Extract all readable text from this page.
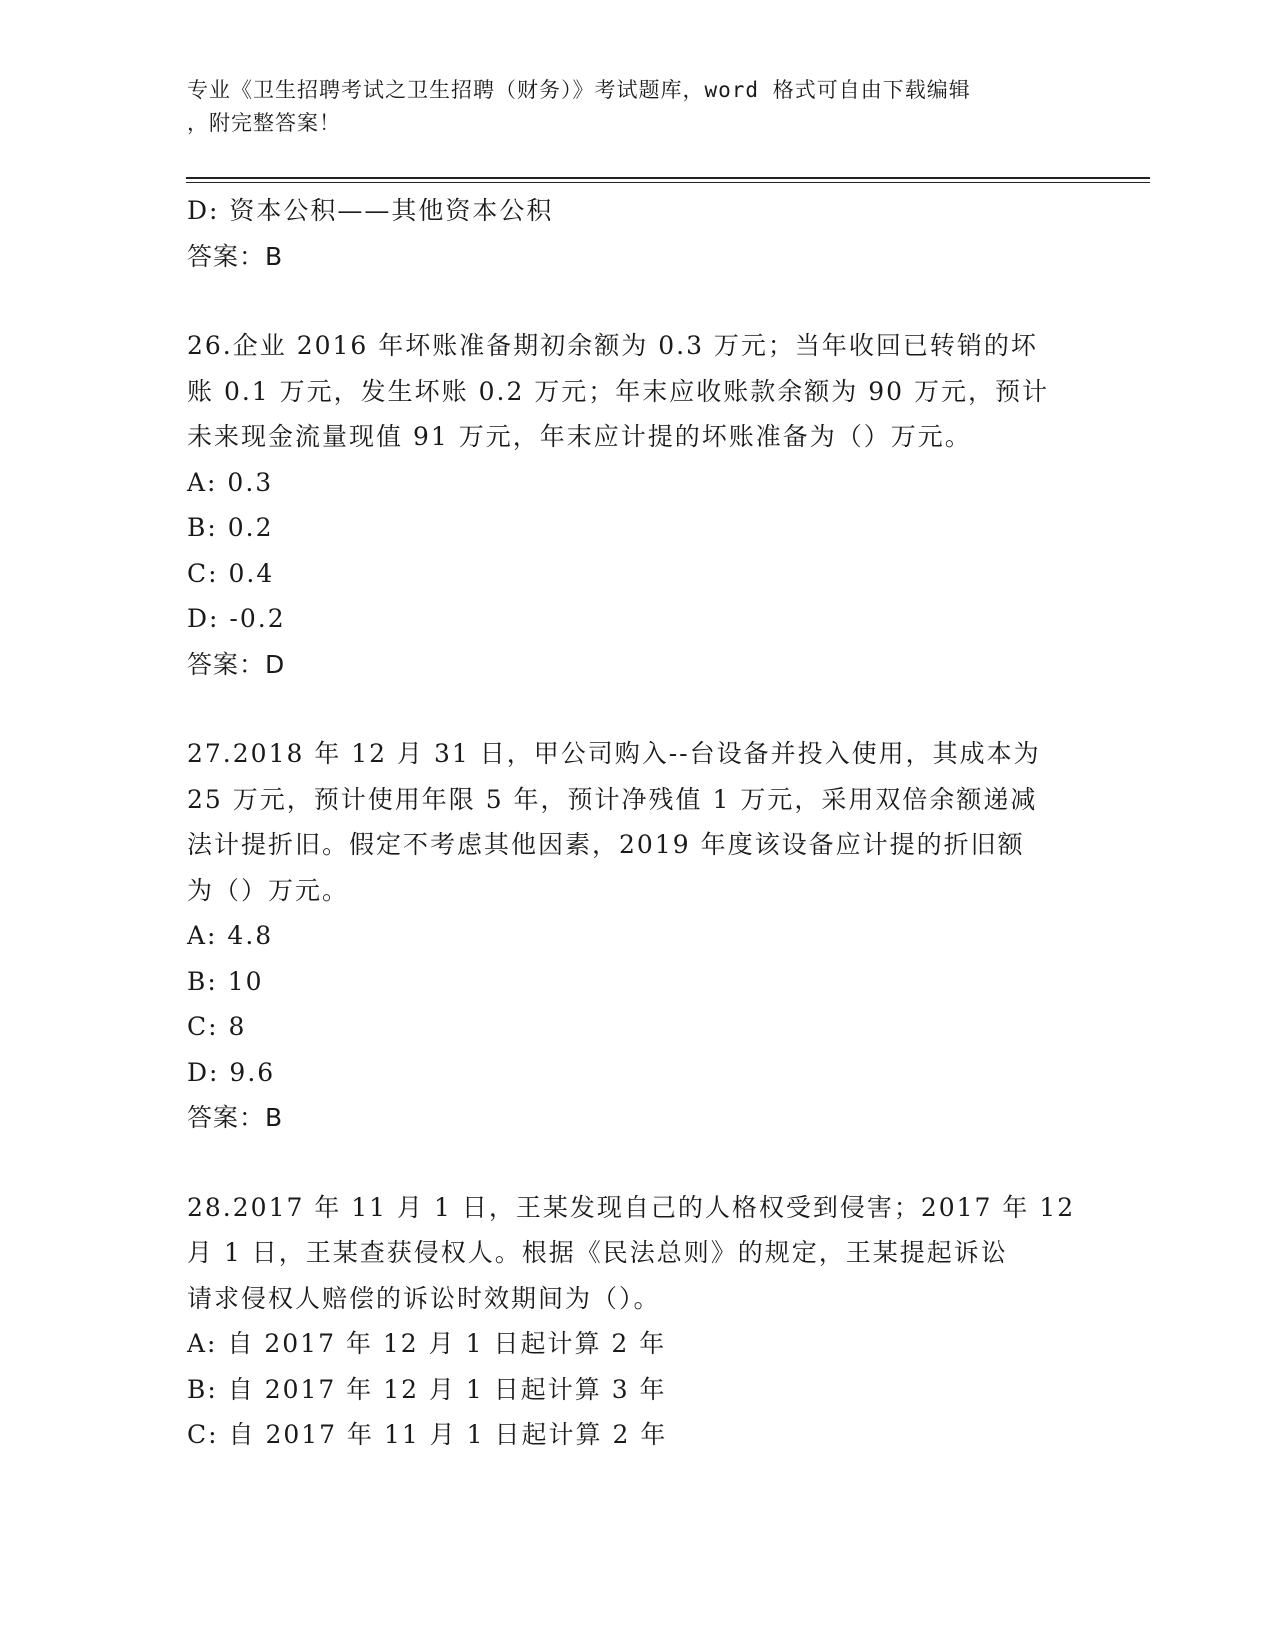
专业《卫生招聘考试之卫生招聘（财务）》考试题库，word 格式可自由下载编辑
，附完整答案！
D: 资本公积——其他资本公积
答案：B
26.企业 2016 年坏账准备期初余额为 0.3 万元；当年收回已转销的坏
账 0.1 万元，发生坏账 0.2 万元；年末应收账款余额为 90 万元，预计
未来现金流量现值 91 万元，年末应计提的坏账准备为（）万元。
A: 0.3
B: 0.2
C: 0.4
D: -0.2
答案：D
27.2018 年 12 月 31 日，甲公司购入--台设备并投入使用，其成本为
25 万元，预计使用年限 5 年，预计净残值 1 万元，采用双倍余额递减
法计提折旧。假定不考虑其他因素，2019 年度该设备应计提的折旧额
为（）万元。
A: 4.8
B: 10
C: 8
D: 9.6
答案：B
28.2017 年 11 月 1 日，王某发现自己的人格权受到侵害；2017 年 12
月 1 日，王某查获侵权人。根据《民法总则》的规定，王某提起诉讼
请求侵权人赔偿的诉讼时效期间为（）。
A: 自 2017 年 12 月 1 日起计算 2 年
B: 自 2017 年 12 月 1 日起计算 3 年
C: 自 2017 年 11 月 1 日起计算 2 年
